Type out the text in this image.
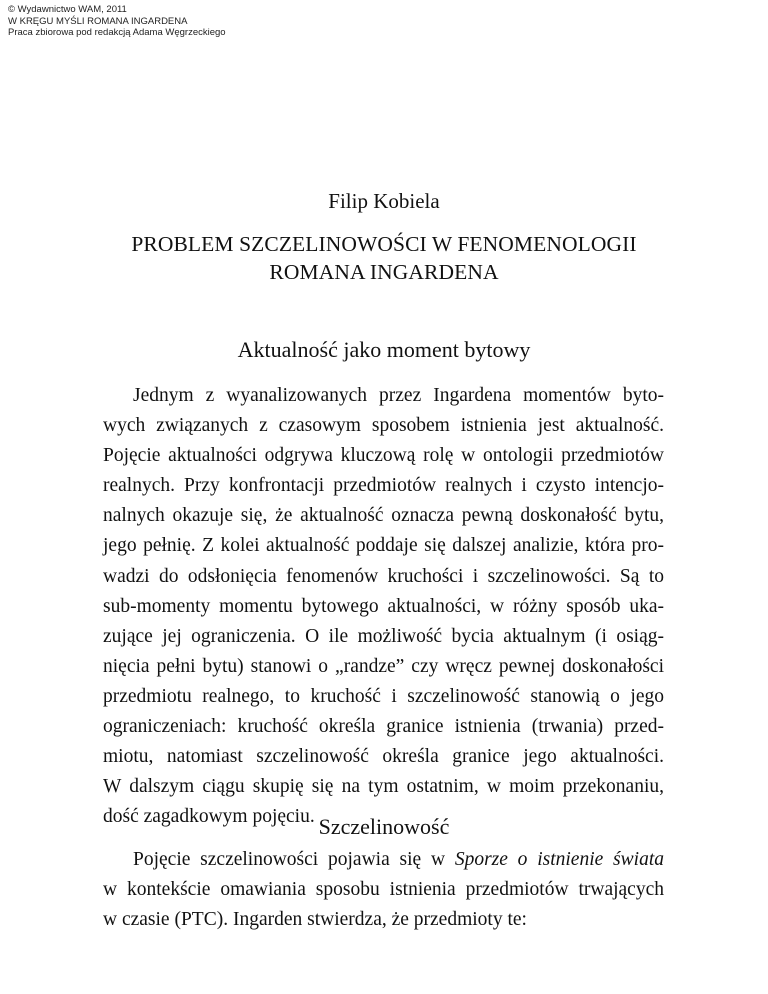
© Wydawnictwo WAM, 2011
W KRĘGU MYŚLI ROMANA INGARDENA
Praca zbiorowa pod redakcją Adama Węgrzeckiego
Filip Kobiela
PROBLEM SZCZELINOWOŚCI W FENOMENOLOGII
ROMANA INGARDENA
Aktualność jako moment bytowy
Jednym z wyanalizowanych przez Ingardena momentów byto-
wych związanych z czasowym sposobem istnienia jest aktualność.
Pojęcie aktualności odgrywa kluczową rolę w ontologii przedmiotów
realnych. Przy konfrontacji przedmiotów realnych i czysto intencjo-
nalnych okazuje się, że aktualność oznacza pewną doskonałość bytu,
jego pełnię. Z kolei aktualność poddaje się dalszej analizie, która pro-
wadzi do odsłonięcia fenomenów kruchości i szczelinowości. Są to
sub-momenty momentu bytowego aktualności, w różny sposób uka-
zujące jej ograniczenia. O ile możliwość bycia aktualnym (i osiąg-
nięcia pełni bytu) stanowi o „randze” czy wręcz pewnej doskonałości
przedmiotu realnego, to kruchość i szczelinowość stanowią o jego
ograniczeniach: kruchość określa granice istnienia (trwania) przed-
miotu, natomiast szczelinowość określa granice jego aktualności.
W dalszym ciągu skupię się na tym ostatnim, w moim przekonaniu,
dość zagadkowym pojęciu. Szczelinowość
Pojęcie szczelinowości pojawia się w Sporze o istnienie świata
w kontekście omawiania sposobu istnienia przedmiotów trwających
w czasie (PTC). Ingarden stwierdza, że przedmioty te:
